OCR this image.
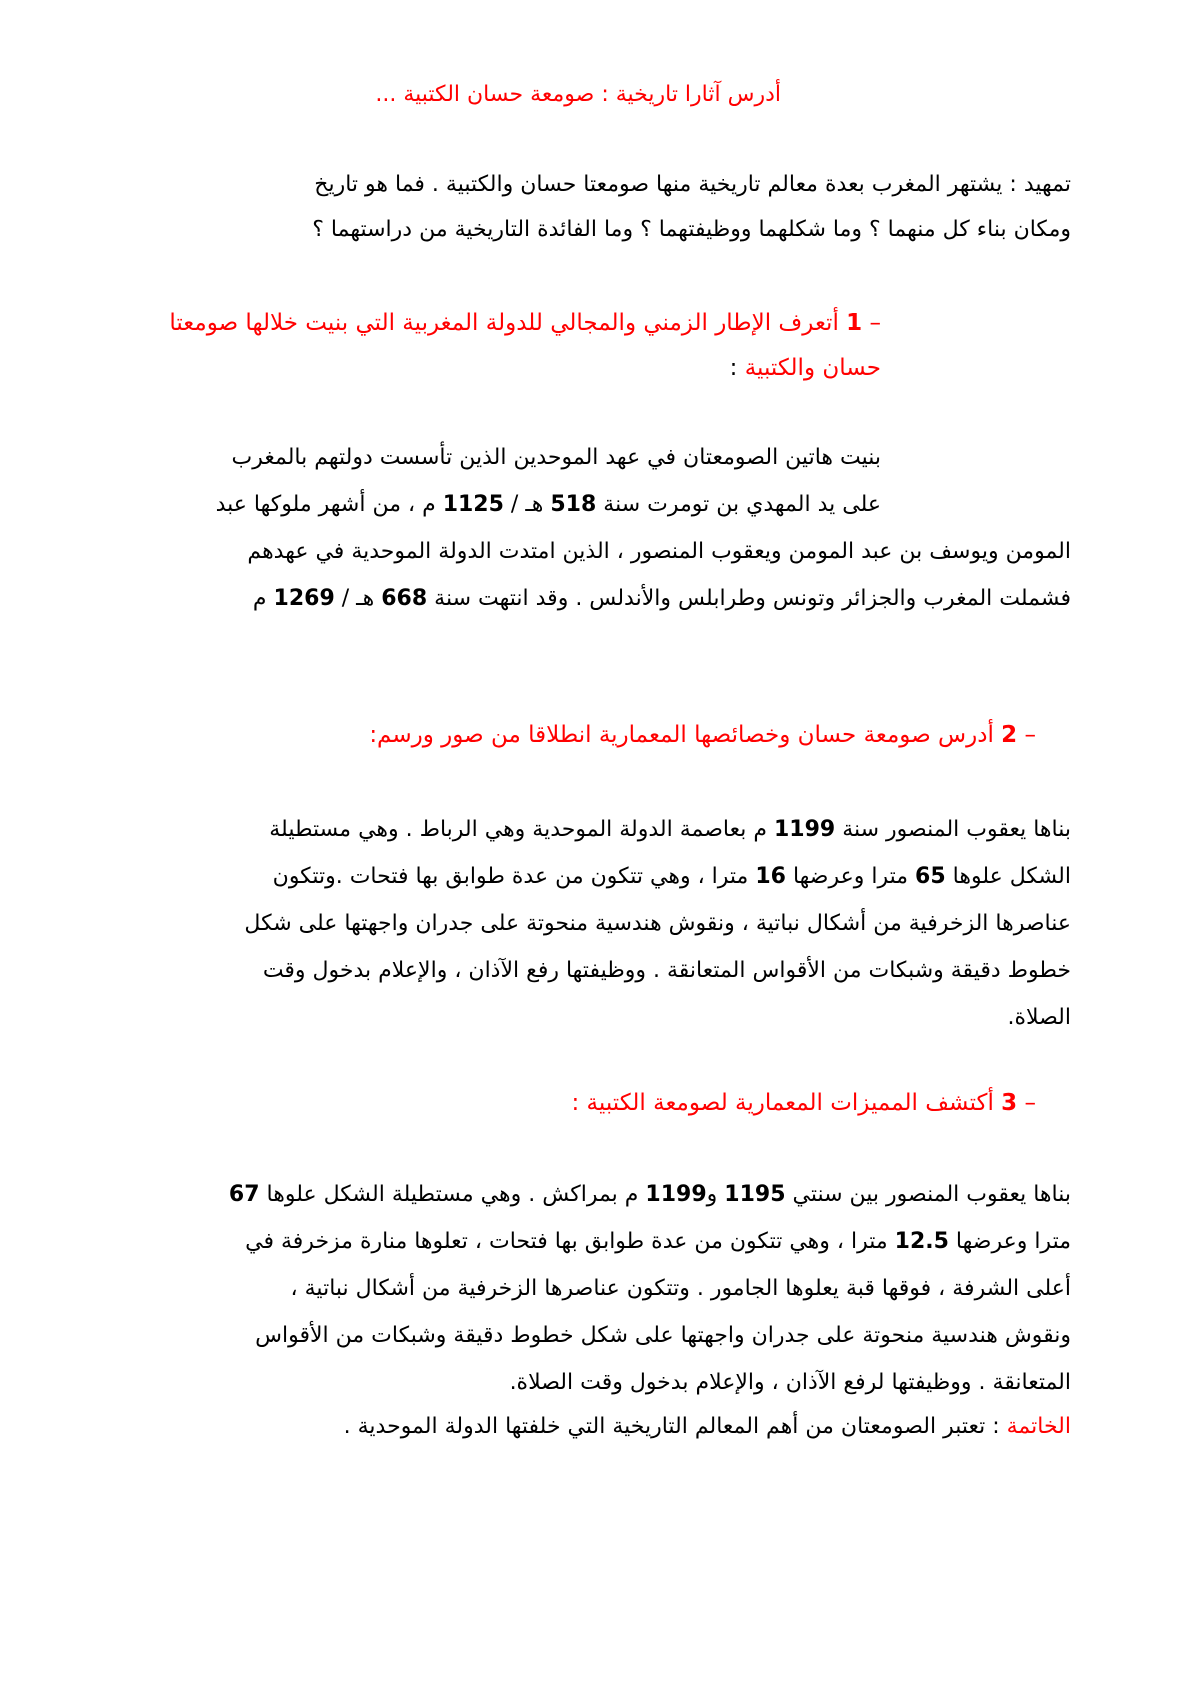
أدرس آثارا تاريخية : صومعة حسان الكتبية ...
تمهيد : يشتهر المغرب بعدة معالم تاريخية منها صومعتا حسان والكتبية . فما هو تاريخ
ومكان بناء كل منهما ؟ وما شكلهما ووظيفتهما ؟ وما الفائدة التاريخية من دراستهما ؟
– 1 أتعرف الإطار الزمني والمجالي للدولة المغربية التي بنيت خلالها صومعتا
حسان والكتبية :
بنيت هاتين الصومعتان في عهد الموحدين الذين تأسست دولتهم بالمغرب
على يد المهدي بن تومرت سنة 518 هـ / 1125 م ، من أشهر ملوكها عبد
المومن ويوسف بن عبد المومن ويعقوب المنصور ، الذين امتدت الدولة الموحدية في عهدهم
فشملت المغرب والجزائر وتونس وطرابلس والأندلس . وقد انتهت سنة 668 هـ / 1269 م
– 2 أدرس صومعة حسان وخصائصها المعمارية انطلاقا من صور ورسم:
بناها يعقوب المنصور سنة 1199 م بعاصمة الدولة الموحدية وهي الرباط . وهي مستطيلة
الشكل علوها 65 مترا وعرضها 16 مترا ، وهي تتكون من عدة طوابق بها فتحات .وتتكون
عناصرها الزخرفية من أشكال نباتية ، ونقوش هندسية منحوتة على جدران واجهتها على شكل
خطوط دقيقة وشبكات من الأقواس المتعانقة . ووظيفتها رفع الآذان ، والإعلام بدخول وقت
الصلاة.
– 3 أكتشف المميزات المعمارية لصومعة الكتبية :
بناها يعقوب المنصور بين سنتي 1195 و1199 م بمراكش . وهي مستطيلة الشكل علوها 67
مترا وعرضها 12.5 مترا ، وهي تتكون من عدة طوابق بها فتحات ، تعلوها منارة مزخرفة في
أعلى الشرفة ، فوقها قبة يعلوها الجامور . وتتكون عناصرها الزخرفية من أشكال نباتية ،
ونقوش هندسية منحوتة على جدران واجهتها على شكل خطوط دقيقة وشبكات من الأقواس
المتعانقة . ووظيفتها لرفع الآذان ، والإعلام بدخول وقت الصلاة.
الخاتمة : تعتبر الصومعتان من أهم المعالم التاريخية التي خلفتها الدولة الموحدية .
